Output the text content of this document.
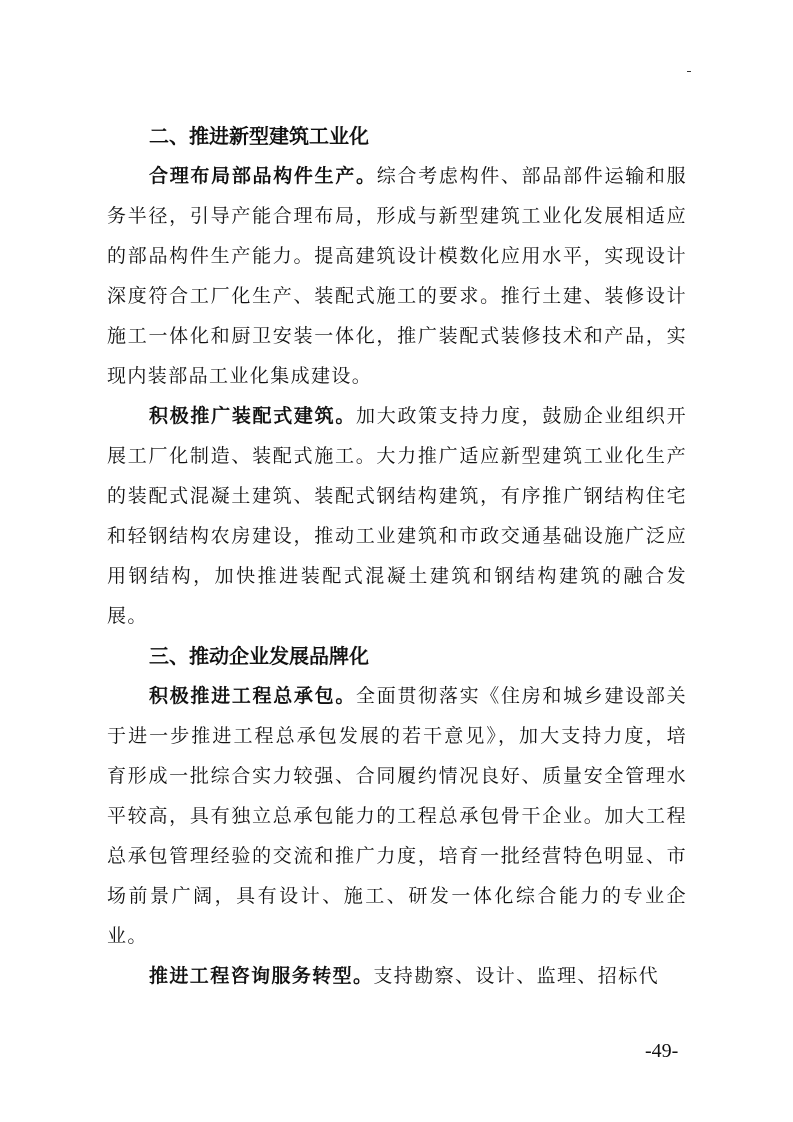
二、推进新型建筑工业化

合理布局部品构件生产。综合考虑构件、部品部件运输和服务半径，引导产能合理布局，形成与新型建筑工业化发展相适应的部品构件生产能力。提高建筑设计模数化应用水平，实现设计深度符合工厂化生产、装配式施工的要求。推行土建、装修设计施工一体化和厨卫安装一体化，推广装配式装修技术和产品，实现内装部品工业化集成建设。

积极推广装配式建筑。加大政策支持力度，鼓励企业组织开展工厂化制造、装配式施工。大力推广适应新型建筑工业化生产的装配式混凝土建筑、装配式钢结构建筑，有序推广钢结构住宅和轻钢结构农房建设，推动工业建筑和市政交通基础设施广泛应用钢结构，加快推进装配式混凝土建筑和钢结构建筑的融合发展。

三、推动企业发展品牌化

积极推进工程总承包。全面贯彻落实《住房和城乡建设部关于进一步推进工程总承包发展的若干意见》，加大支持力度，培育形成一批综合实力较强、合同履约情况良好、质量安全管理水平较高，具有独立总承包能力的工程总承包骨干企业。加大工程总承包管理经验的交流和推广力度，培育一批经营特色明显、市场前景广阔，具有设计、施工、研发一体化综合能力的专业企业。

推进工程咨询服务转型。支持勘察、设计、监理、招标代

-49-
